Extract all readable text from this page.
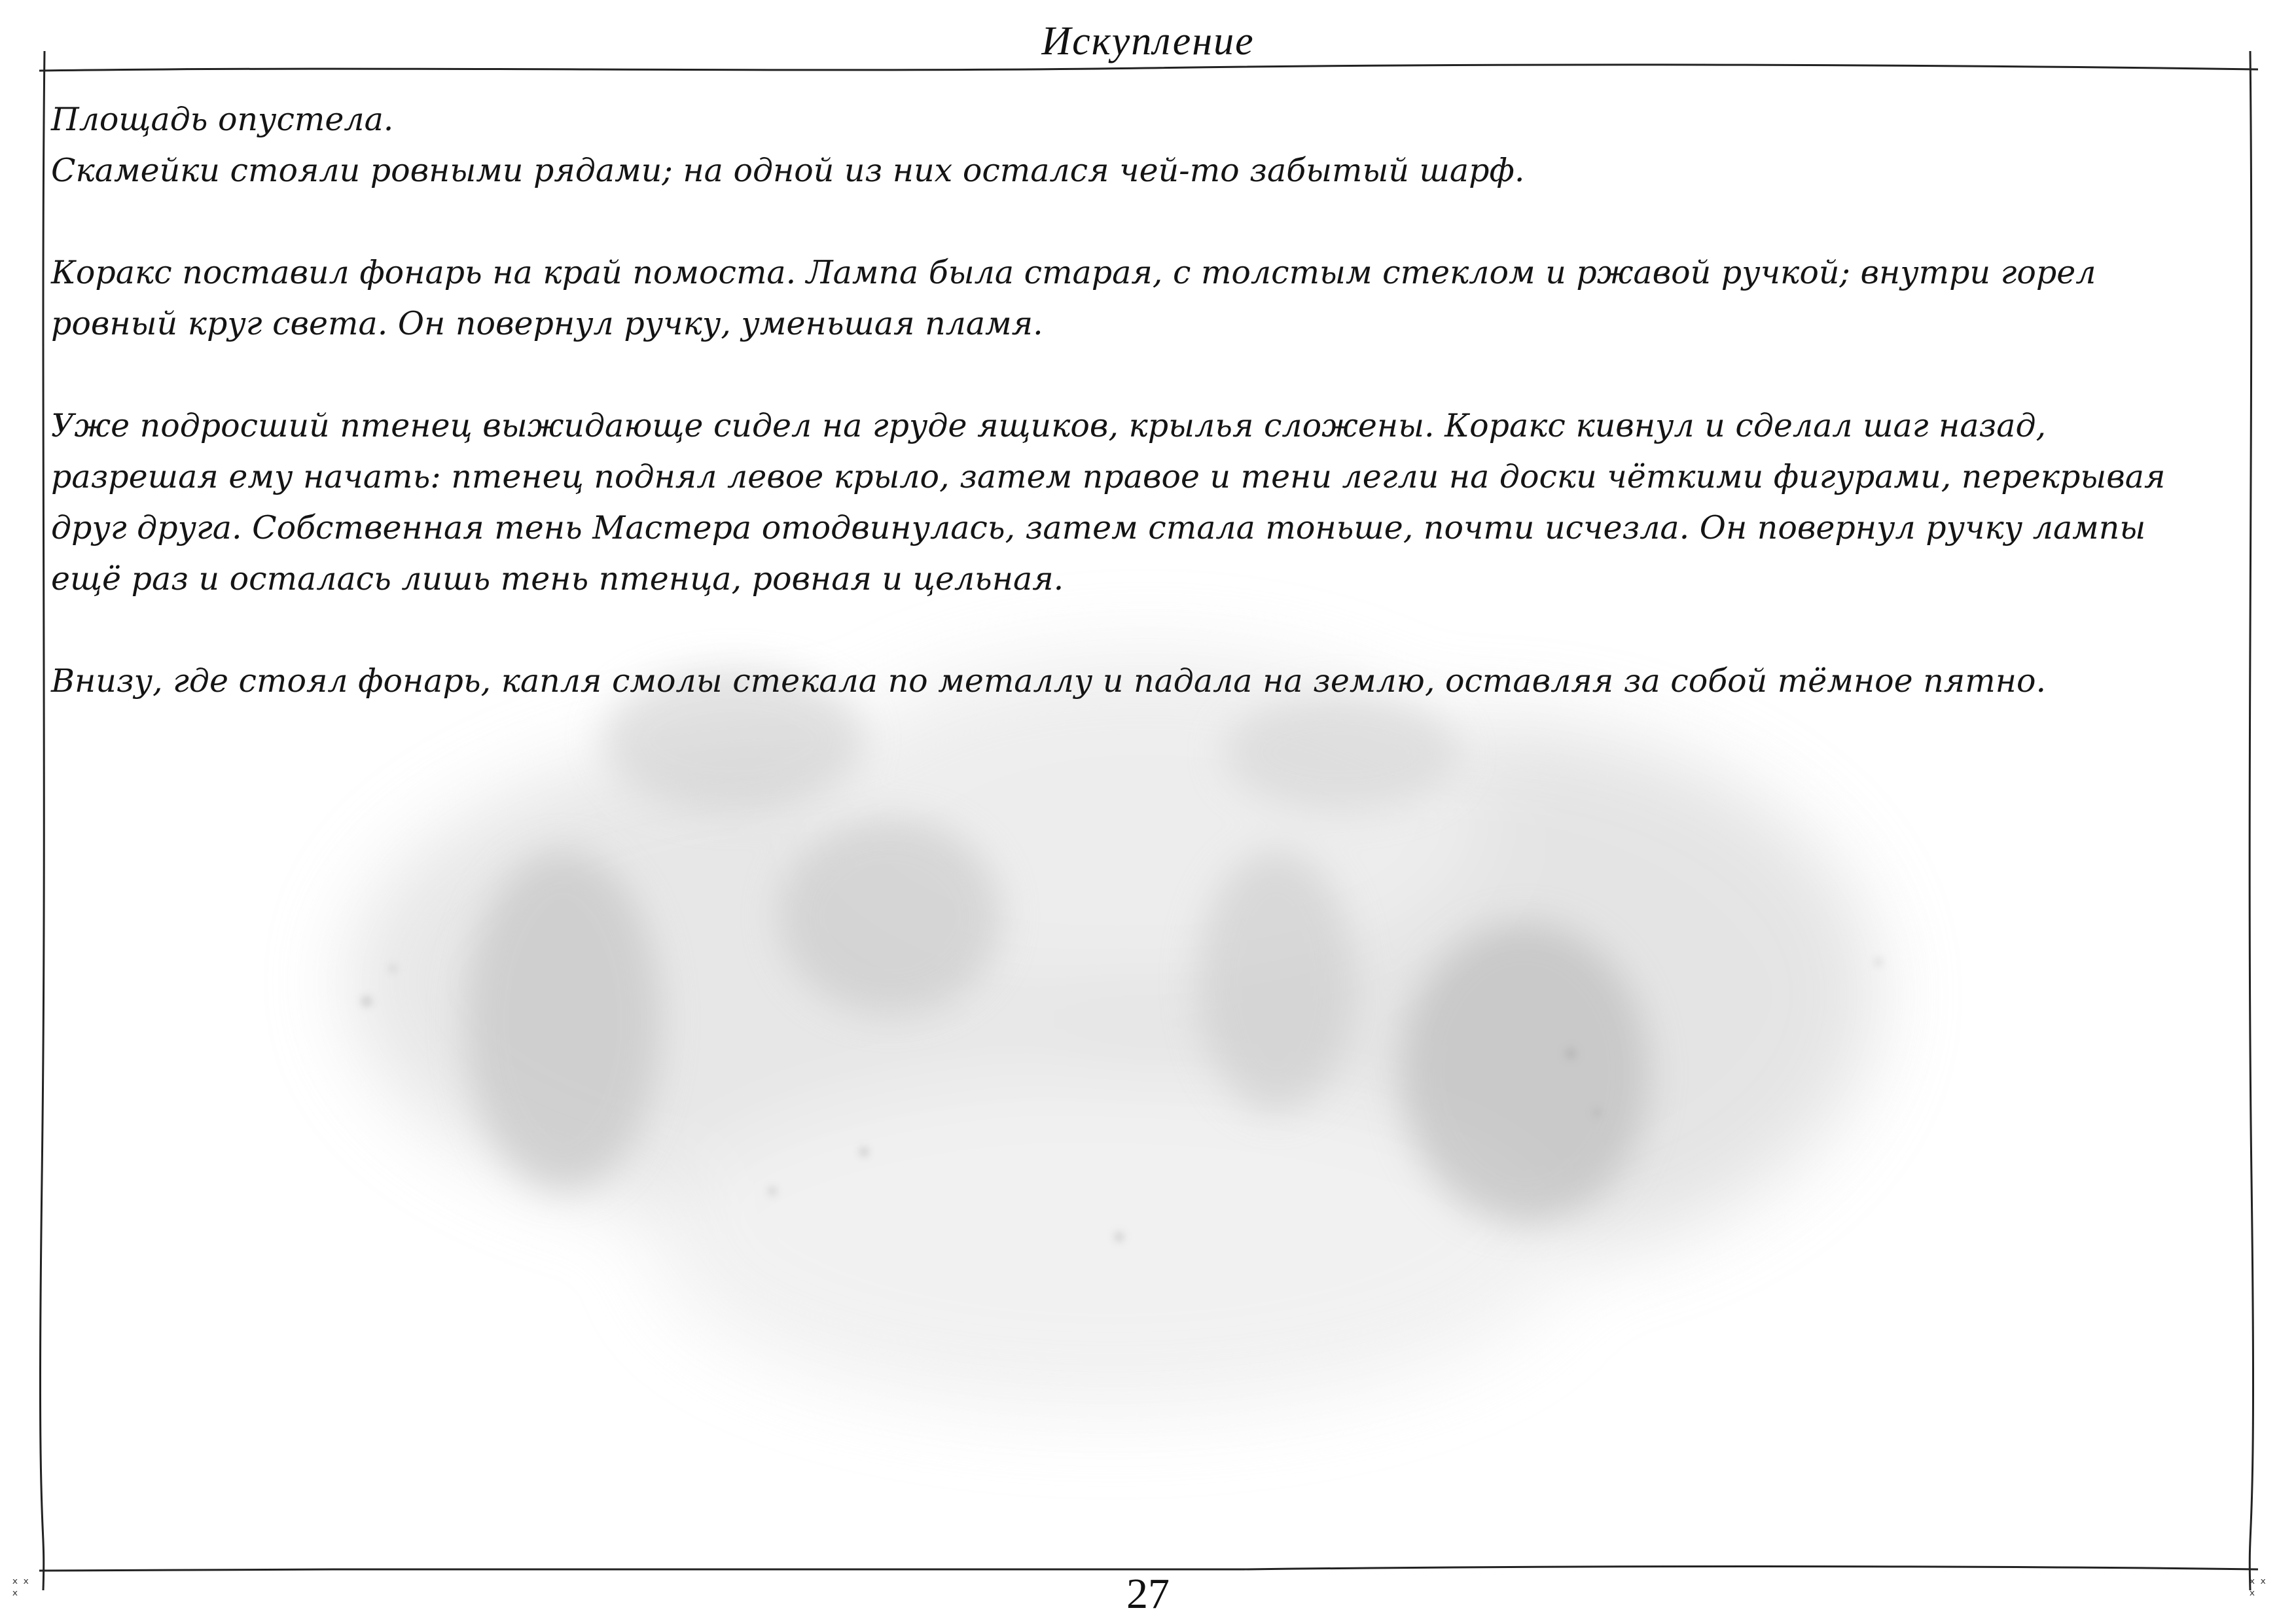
Искупление

Площадь опустела.
Скамейки стояли ровными рядами; на одной из них остался чей-то забытый шарф.

Коракс поставил фонарь на край помоста. Лампа была старая, с толстым стеклом и ржавой ручкой; внутри горел
ровный круг света. Он повернул ручку, уменьшая пламя.

Уже подросший птенец выжидающе сидел на груде ящиков, крылья сложены. Коракс кивнул и сделал шаг назад,
разрешая ему начать: птенец поднял левое крыло, затем правое и тени легли на доски чёткими фигурами, перекрывая
друг друга. Собственная тень Мастера отодвинулась, затем стала тоньше, почти исчезла. Он повернул ручку лампы
ещё раз и осталась лишь тень птенца, ровная и цельная.

Внизу, где стоял фонарь, капля смолы стекала по металлу и падала на землю, оставляя за собой тёмное пятно.

27
ˣ ˣ
ˣ
ˣ ˣ
ˣ
